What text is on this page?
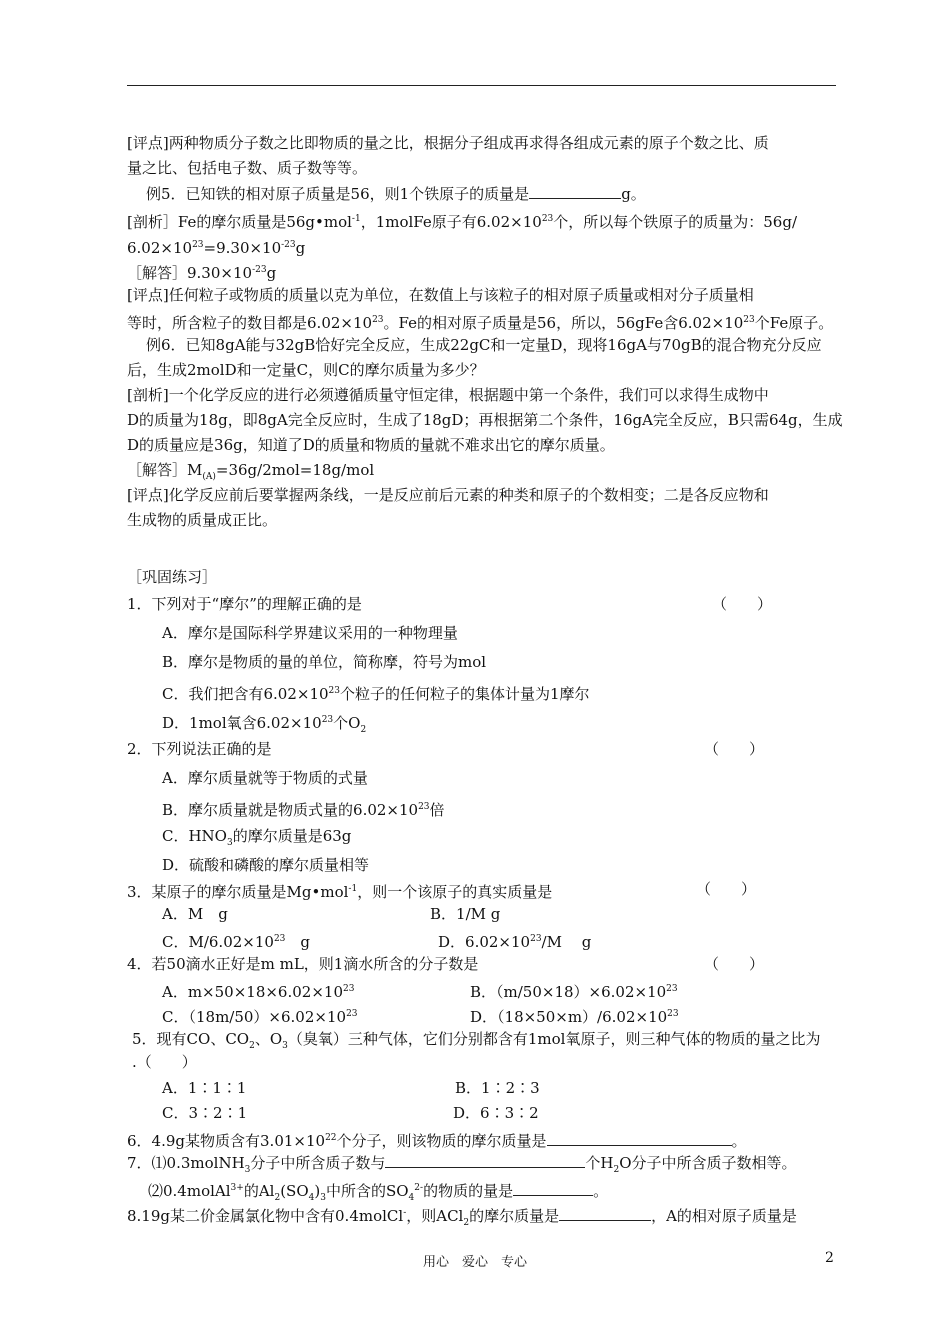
[评点]两种物质分子数之比即物质的量之比，根据分子组成再求得各组成元素的原子个数之比、质
量之比、包括电子数、质子数等等。
例5．已知铁的相对原子质量是56，则1个铁原子的质量是	g。
[剖析］Fe的摩尔质量是56g•mol$^{-1}$，1molFe原子有$6.02\times 10^{23}$个，所以每个铁原子的质量为：56g/
$6.02\times 10^{23}=9.30\times 10^{-23}g$
［解答$]9.30\times 10^{-23}g$
[评点]任何粒子或物质的质量以克为单位，在数值上与该粒子的相对原子质量或相对分子质量相
等时，所含粒子的数目都是$6.02\times 10^{23}$。Fe的相对原子质量是56，所以，56gFe含$6.02\times 10^{23}$个Fe原子。
例6．已知8gA能与32gB恰好完全反应，生成22gC和一定量D，现将16gA与70gB的混合物充分反应
后，生成2molD和一定量C，则C的摩尔质量为多少？
[剖析]一个化学反应的进行必须遵循质量守恒定律，根据题中第一个条件，我们可以求得生成物中
D的质量为18g，即8gA完全反应时，生成了18gD；再根据第二个条件，16gA完全反应，B只需64g，生成
D的质量应是36g，知道了D的质量和物质的量就不难求出它的摩尔质量。
［解答$]M_{(A)}=36g/2mol=18g$/mol
[评点]化学反应前后要掌握两条线，一是反应前后元素的种类和原子的个数相变；二是各反应物和
生成物的质量成正比。
［巩固练习］
1．下列对于“摩尔”的理解正确的是	（　　）
A．摩尔是国际科学界建议采用的一种物理量
B．摩尔是物质的量的单位，简称摩，符号为mol
C．我们把含有$6.02\times 10^{23}$个粒子的任何粒子的集体计量为1摩尔
D．1mol氧含$6.02\times 10^{23}$个$O_2$
2．下列说法正确的是	（　　）
A．摩尔质量就等于物质的式量
B．摩尔质量就是物质式量的$6.02\times 10^{23}$倍
C．$HNO_3$的摩尔质量是63g
D．硫酸和磷酸的摩尔质量相等
3．某原子的摩尔质量是Mg•mol$^{-1}$，则一个该原子的真实质量是	（　　）
A．M　g	B．1/M g
C．$M/6.02\times 10^{23}$　g	D．$6.02\times 10^{23}/M$　 g
4．若50滴水正好是m mL，则1滴水所含的分子数是	（　　）
A．$m\times 50\times 18\times 6.02\times 10^{23}$	B．$(m/50\times 18)\times 6.02\times 10^{23}$
C．$(18m/50)\times 6.02\times 10^{23}$	D．$(18\times 50\times m)/6.02\times 10^{23}$
5．现有CO、$CO_2$、$O_3$（臭氧）三种气体，它们分别都含有1mol氧原子，则三种气体的物质的量之比为
.（　　）
A．1∶1∶1	B．1∶2∶3
C．3∶2∶1	D．6∶3∶2
6．4.9g某物质含有$3.01\times 10^{22}$个分子，则该物质的摩尔质量是	。
7．⑴0.3molNH$_3$分子中所含质子数与	个$H_2O$分子中所含质子数相等。
⑵0.4molAl$^{3+}$的$Al_2(SO_4)_3$中所含的$SO_4^{2-}$的物质的量是	。
8.19g某二价金属氯化物中含有0.4molCl-，则ACl$_2$的摩尔质量是	，A的相对原子质量是
用心　爱心　专心	2
